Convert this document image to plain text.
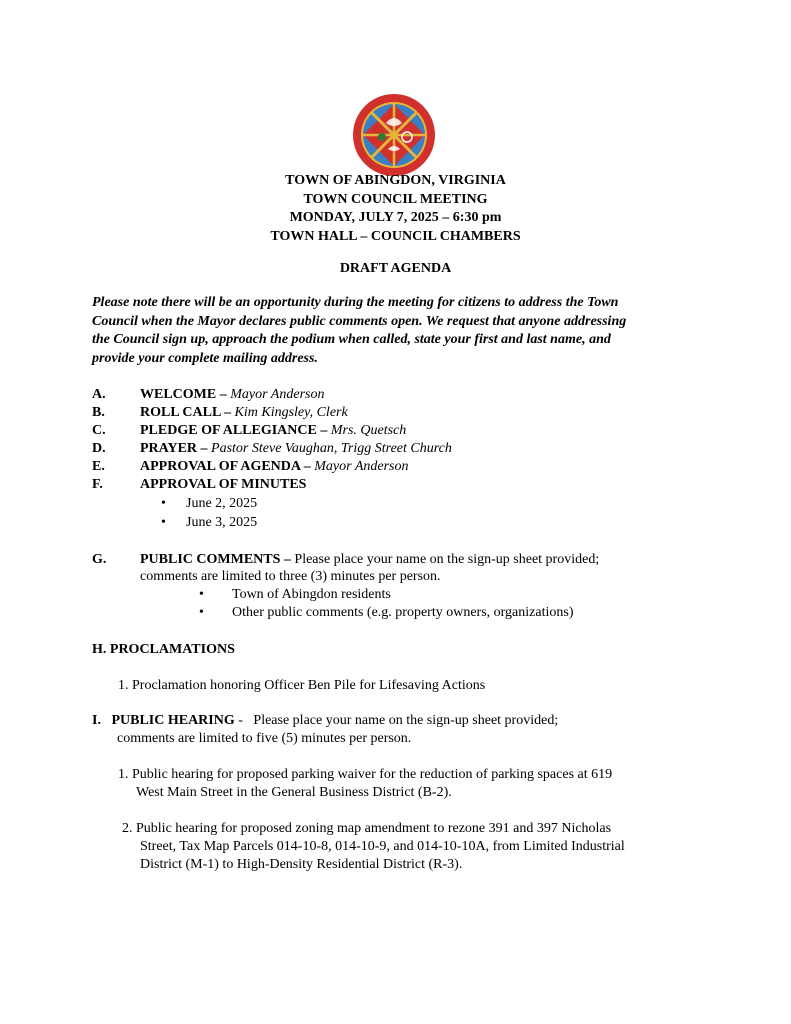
TOWN OF ABINGDON, VIRGINIA
TOWN COUNCIL MEETING
MONDAY, JULY 7, 2025 – 6:30 pm
TOWN HALL – COUNCIL CHAMBERS
DRAFT AGENDA
Please note there will be an opportunity during the meeting for citizens to address the Town
Council when the Mayor declares public comments open. We request that anyone addressing
the Council sign up, approach the podium when called, state your first and last name, and
provide your complete mailing address.
A. WELCOME – Mayor Anderson
B.	ROLL CALL – Kim Kingsley, Clerk
C. PLEDGE OF ALLEGIANCE – Mrs. Quetsch
D. PRAYER – Pastor Steve Vaughan, Trigg Street Church
E.	APPROVAL OF AGENDA – Mayor Anderson
F.	APPROVAL OF MINUTES
• June 2, 2025
• June 3, 2025
G. PUBLIC COMMENTS – Please place your name on the sign-up sheet provided;
comments are limited to three (3) minutes per person.
• Town of Abingdon residents
• Other public comments (e.g. property owners, organizations)
H. PROCLAMATIONS
1. Proclamation honoring Officer Ben Pile for Lifesaving Actions
I.   PUBLIC HEARING -   Please place your name on the sign-up sheet provided;
comments are limited to five (5) minutes per person.
1. Public hearing for proposed parking waiver for the reduction of parking spaces at 619
West Main Street in the General Business District (B-2).
2. Public hearing for proposed zoning map amendment to rezone 391 and 397 Nicholas
Street, Tax Map Parcels 014-10-8, 014-10-9, and 014-10-10A, from Limited Industrial
District (M-1) to High-Density Residential District (R-3).
